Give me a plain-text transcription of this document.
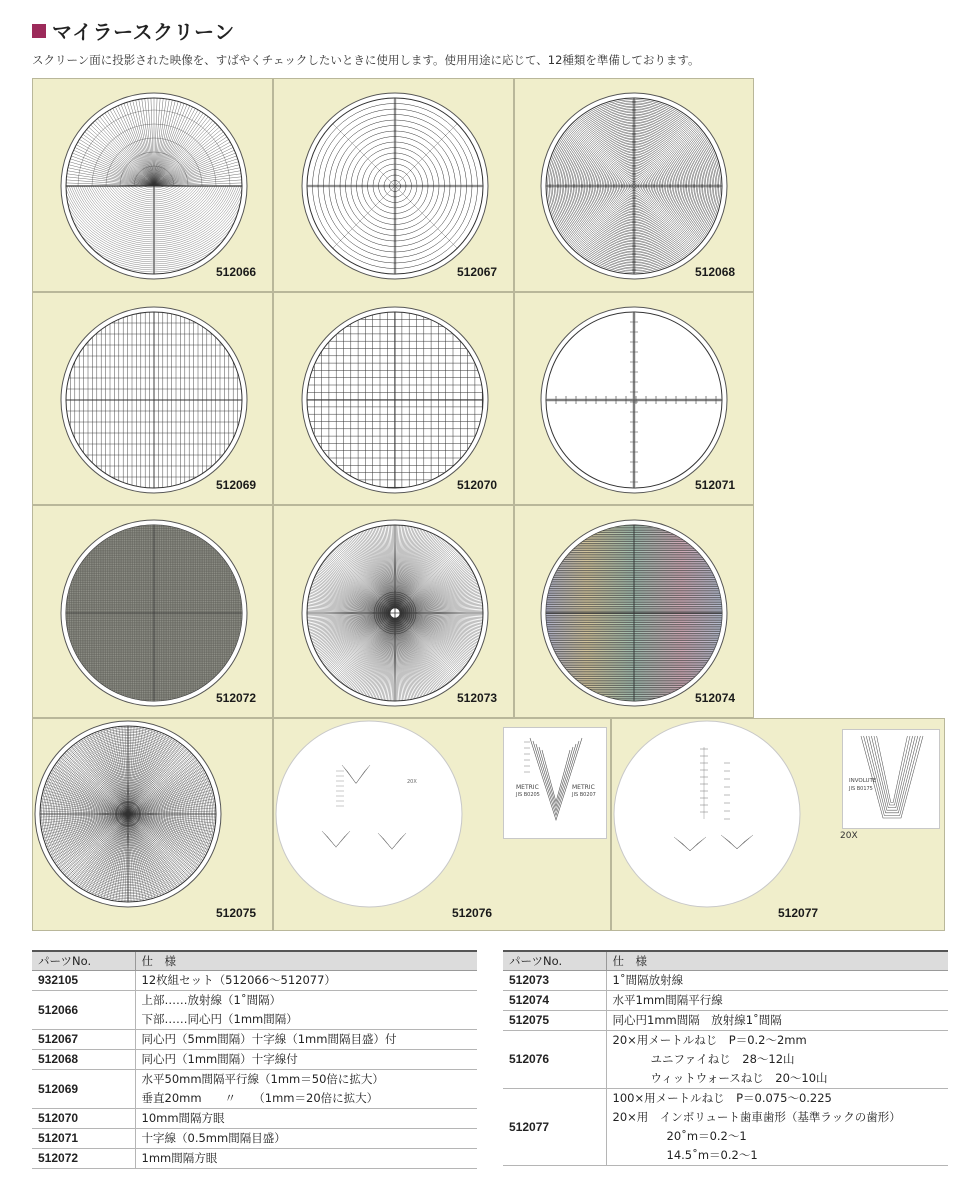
マイラースクリーン
スクリーン面に投影された映像を、すばやくチェックしたいときに使用します。使用用途に応じて、12種類を準備しております。
512066	512067	512068
512069	512070	512071
512072	512073	512074
512075
20X
METRIC
JIS B0205
METRIC
JIS B0207
512076
INVOLUTE
JIS B0175
20X
512077
パーツNo.	仕　様
932105	12枚組セット（512066〜512077）

512066	上部……放射線（1˚間隔）
下部……同心円（1mm間隔）

512067	同心円（5mm間隔）十字線（1mm間隔目盛）付

512068	同心円（1mm間隔）十字線付

512069	水平50mm間隔平行線（1mm＝50倍に拡大）
垂直20mm　　〃　　（1mm＝20倍に拡大）

512070	10mm間隔方眼

512071	十字線（0.5mm間隔目盛）

512072	1mm間隔方眼
パーツNo.	仕　様
512073	1˚間隔放射線

512074	水平1mm間隔平行線

512075	同心円1mm間隔　放射線1˚間隔

512076	20×用メートルねじ　P＝0.2〜2mm
ユニファイねじ　28〜12山
ウィットウォースねじ　20〜10山

512077	100×用メートルねじ　P＝0.075〜0.225
20×用　インボリュート歯車歯形（基準ラックの歯形）
20˚m＝0.2〜1
14.5˚m＝0.2〜1
